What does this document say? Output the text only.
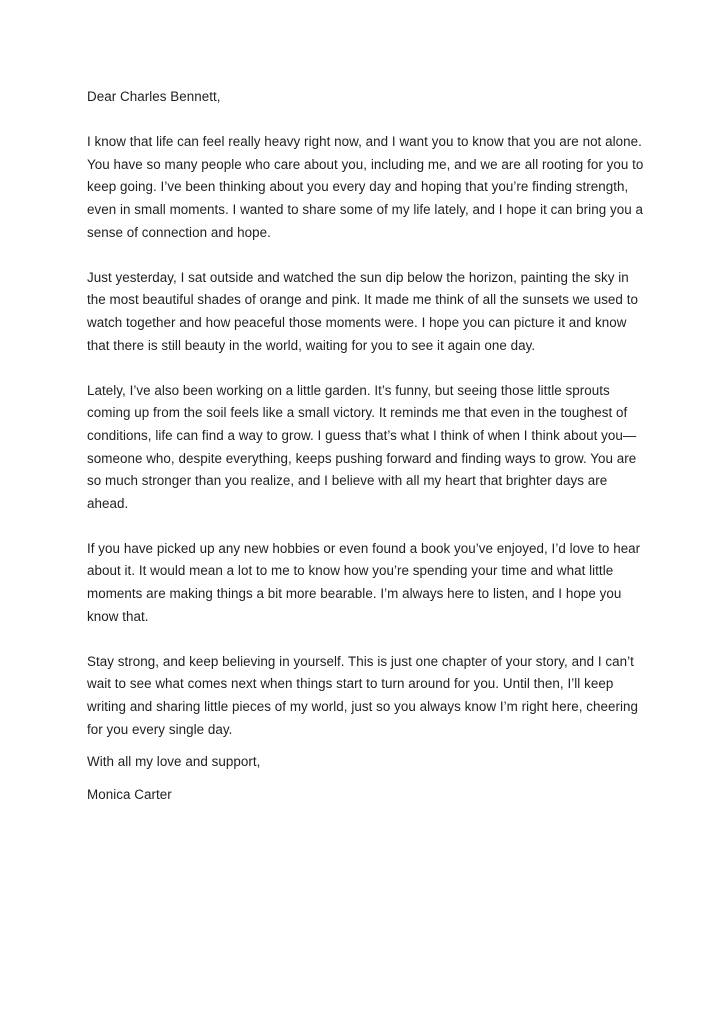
Dear Charles Bennett,

I know that life can feel really heavy right now, and I want you to know that you are not alone. You have so many people who care about you, including me, and we are all rooting for you to keep going. I’ve been thinking about you every day and hoping that you’re finding strength, even in small moments. I wanted to share some of my life lately, and I hope it can bring you a sense of connection and hope.

Just yesterday, I sat outside and watched the sun dip below the horizon, painting the sky in the most beautiful shades of orange and pink. It made me think of all the sunsets we used to watch together and how peaceful those moments were. I hope you can picture it and know that there is still beauty in the world, waiting for you to see it again one day.

Lately, I’ve also been working on a little garden. It’s funny, but seeing those little sprouts coming up from the soil feels like a small victory. It reminds me that even in the toughest of conditions, life can find a way to grow. I guess that’s what I think of when I think about you—someone who, despite everything, keeps pushing forward and finding ways to grow. You are so much stronger than you realize, and I believe with all my heart that brighter days are ahead.

If you have picked up any new hobbies or even found a book you’ve enjoyed, I’d love to hear about it. It would mean a lot to me to know how you’re spending your time and what little moments are making things a bit more bearable. I’m always here to listen, and I hope you know that.

Stay strong, and keep believing in yourself. This is just one chapter of your story, and I can’t wait to see what comes next when things start to turn around for you. Until then, I’ll keep writing and sharing little pieces of my world, just so you always know I’m right here, cheering for you every single day.

With all my love and support,

Monica Carter
